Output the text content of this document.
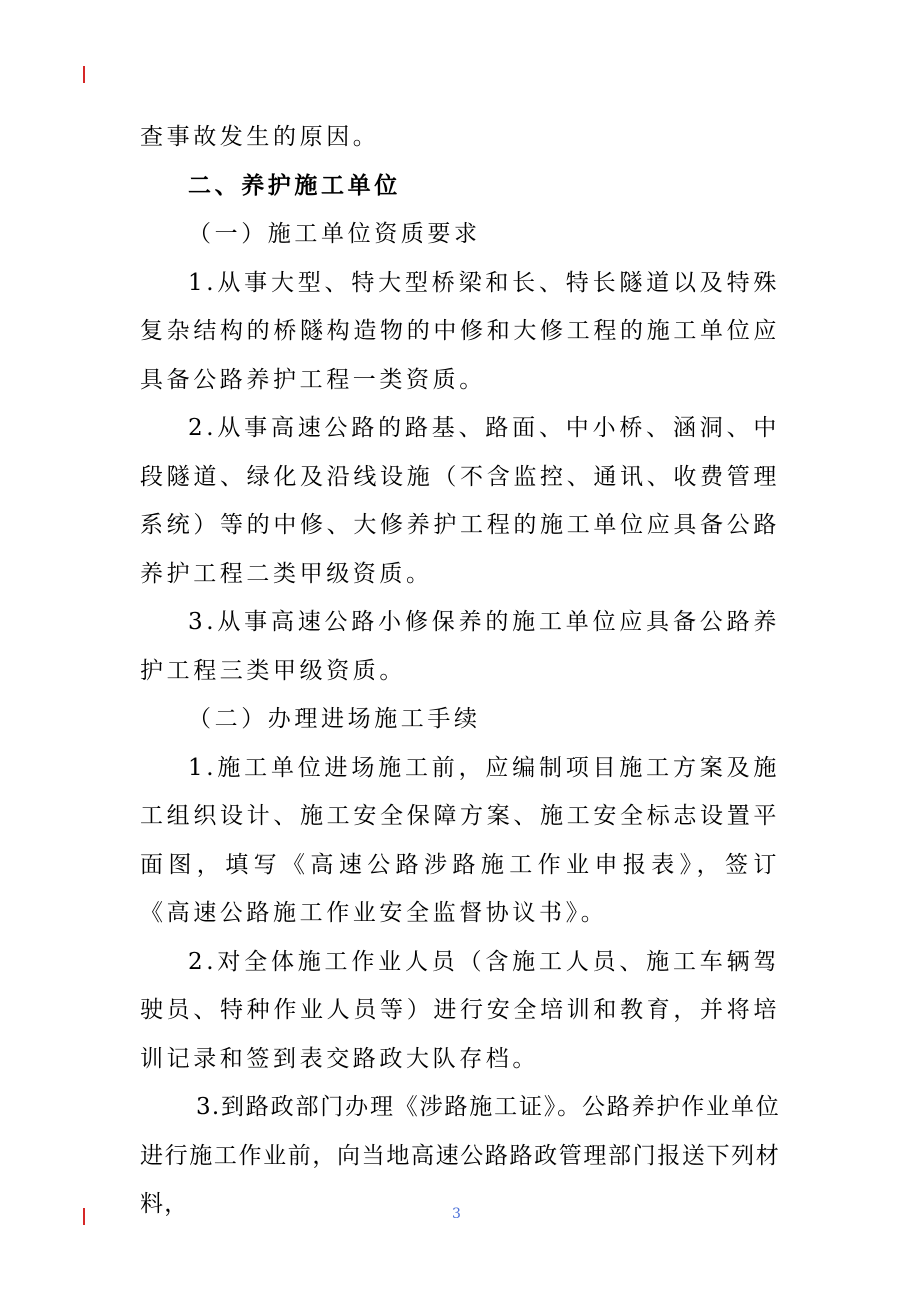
查事故发生的原因。

二、养护施工单位

（一）施工单位资质要求

1.从事大型、特大型桥梁和长、特长隧道以及特殊复杂结构的桥隧构造物的中修和大修工程的施工单位应具备公路养护工程一类资质。

2.从事高速公路的路基、路面、中小桥、涵洞、中段隧道、绿化及沿线设施（不含监控、通讯、收费管理系统）等的中修、大修养护工程的施工单位应具备公路养护工程二类甲级资质。

3.从事高速公路小修保养的施工单位应具备公路养护工程三类甲级资质。

（二）办理进场施工手续

1.施工单位进场施工前，应编制项目施工方案及施工组织设计、施工安全保障方案、施工安全标志设置平面图，填写《高速公路涉路施工作业申报表》，签订《高速公路施工作业安全监督协议书》。

2.对全体施工作业人员（含施工人员、施工车辆驾驶员、特种作业人员等）进行安全培训和教育，并将培训记录和签到表交路政大队存档。

3.到路政部门办理《涉路施工证》。公路养护作业单位进行施工作业前，向当地高速公路路政管理部门报送下列材料，	3
